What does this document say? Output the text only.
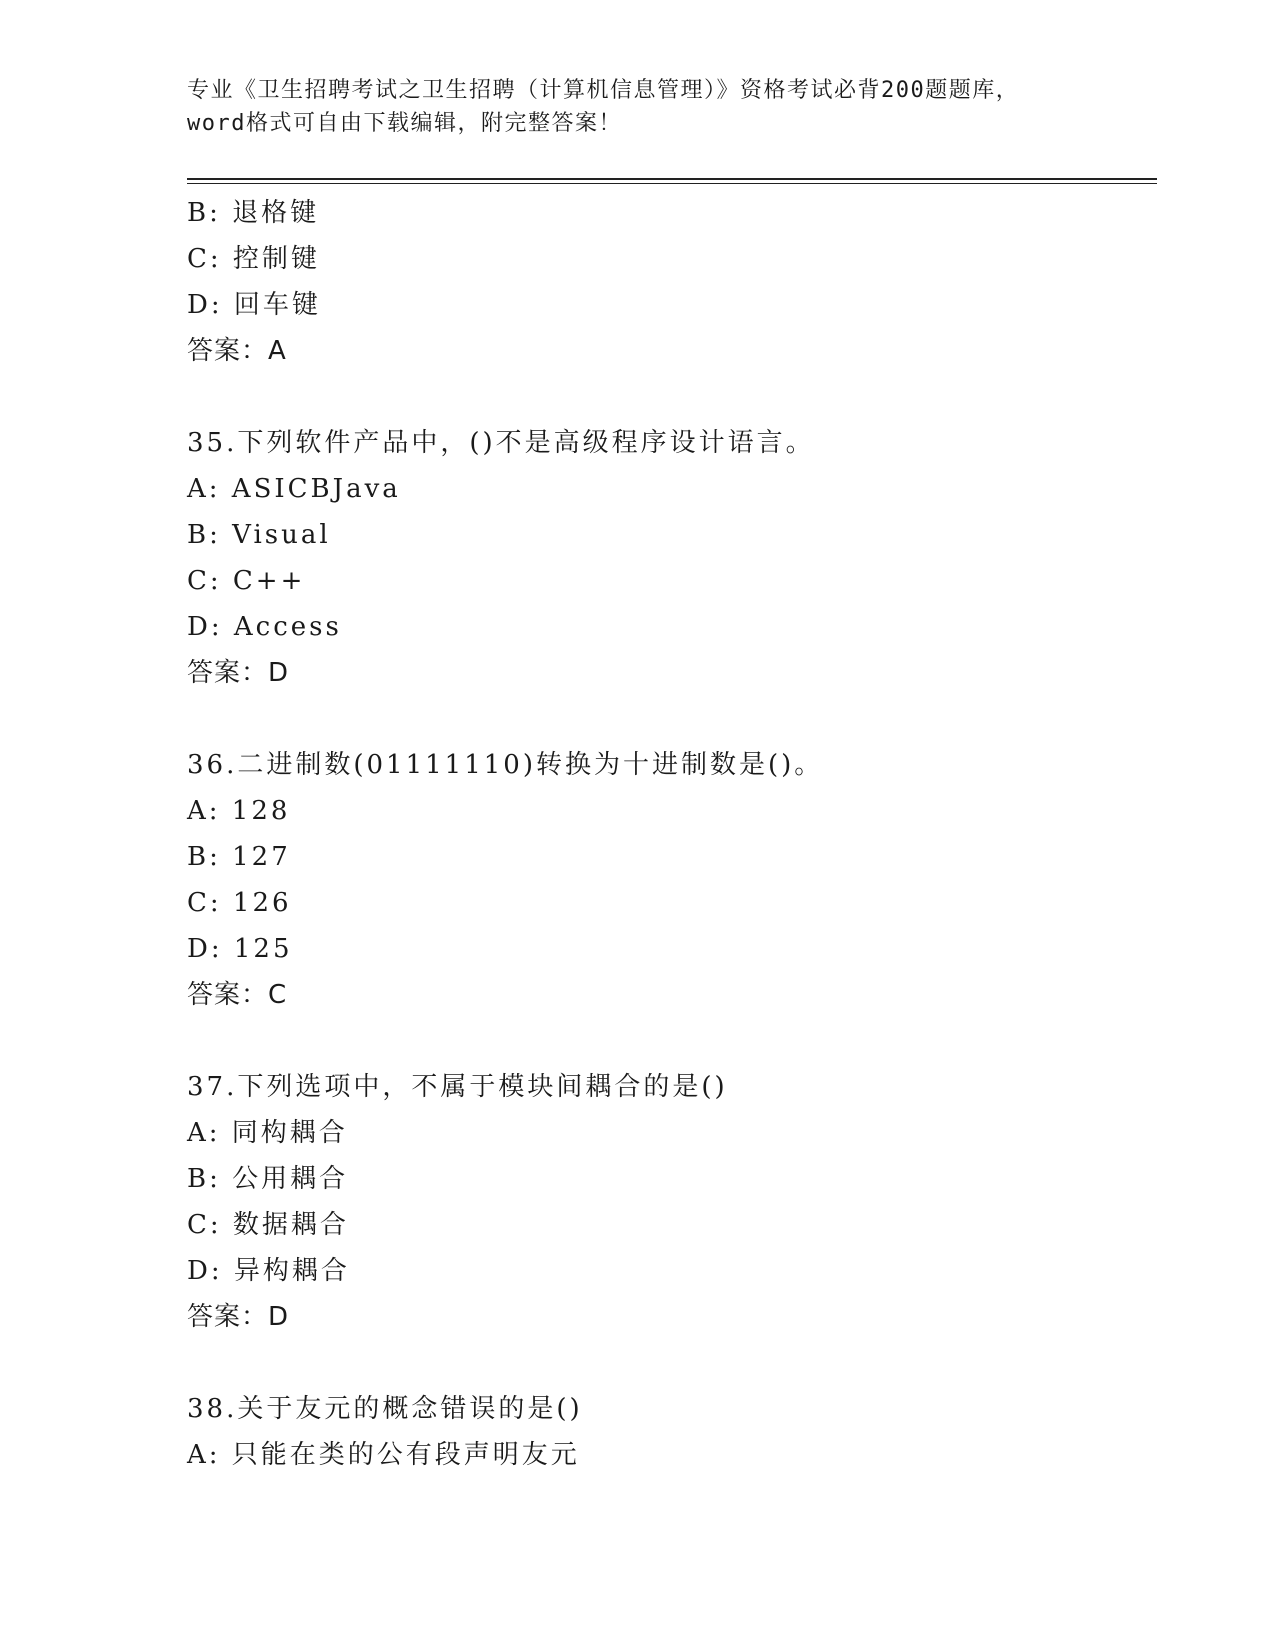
专业《卫生招聘考试之卫生招聘（计算机信息管理）》资格考试必背200题题库，
word格式可自由下载编辑，附完整答案！
B: 退格键
C: 控制键
D: 回车键
答案：A
35.下列软件产品中，()不是高级程序设计语言。
A: ASICBJava
B: Visual
C: C++
D: Access
答案：D
36.二进制数(01111110)转换为十进制数是()。
A: 128
B: 127
C: 126
D: 125
答案：C
37.下列选项中，不属于模块间耦合的是()
A: 同构耦合
B: 公用耦合
C: 数据耦合
D: 异构耦合
答案：D
38.关于友元的概念错误的是()
A: 只能在类的公有段声明友元
